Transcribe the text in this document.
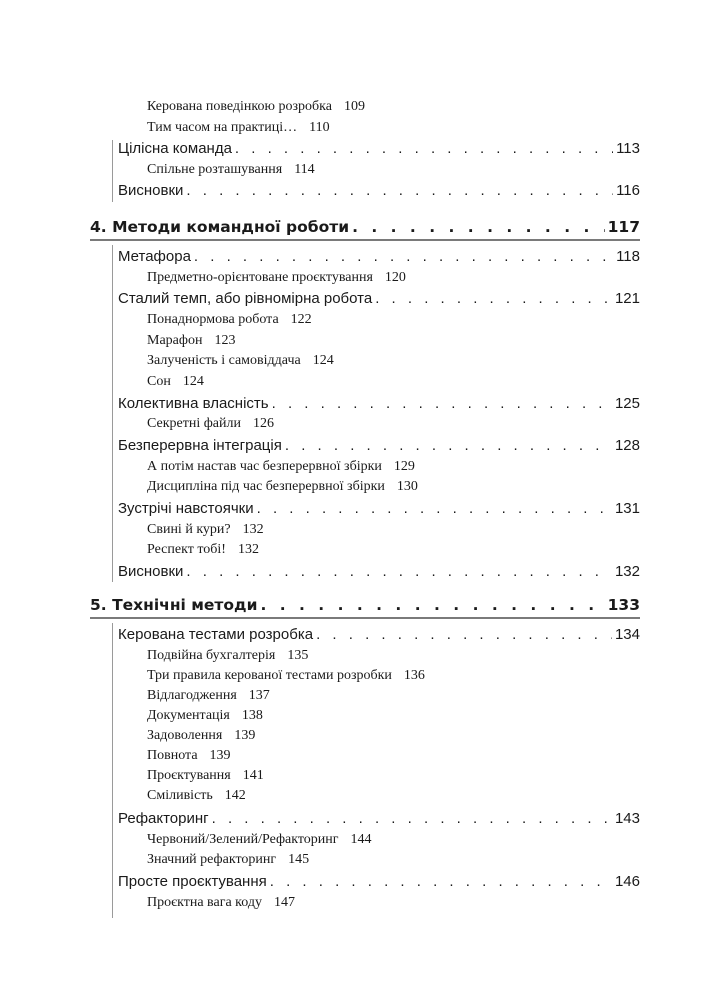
Керована поведінкою розробка 109
Тим часом на практиці… 110
Цілісна команда . . .	113
Спільне розташування 114
Висновки . . .	116
4. Методи командної роботи . . .	117
Метафора . . .	118
Предметно-орієнтоване проєктування 120
Сталий темп, або рівномірна робота . . .	121
Понаднормова робота 122
Марафон 123
Залученість і самовіддача 124
Сон 124
Колективна власність . . .	125
Секретні файли 126
Безперервна інтеграція . . .	128
А потім настав час безперервної збірки 129
Дисципліна під час безперервної збірки 130
Зустрічі навстоячки . . .	131
Свині й кури? 132
Респект тобі! 132
Висновки . . .	132
5. Технічні методи . . .	133
Керована тестами розробка . . .	134
Подвійна бухгалтерія 135
Три правила керованої тестами розробки 136
Відлагодження 137
Документація 138
Задоволення 139
Повнота 139
Проєктування 141
Сміливість 142
Рефакторинг . . .	143
Червоний/Зелений/Рефакторинг 144
Значний рефакторинг 145
Просте проєктування . . .	146
Проєктна вага коду 147
